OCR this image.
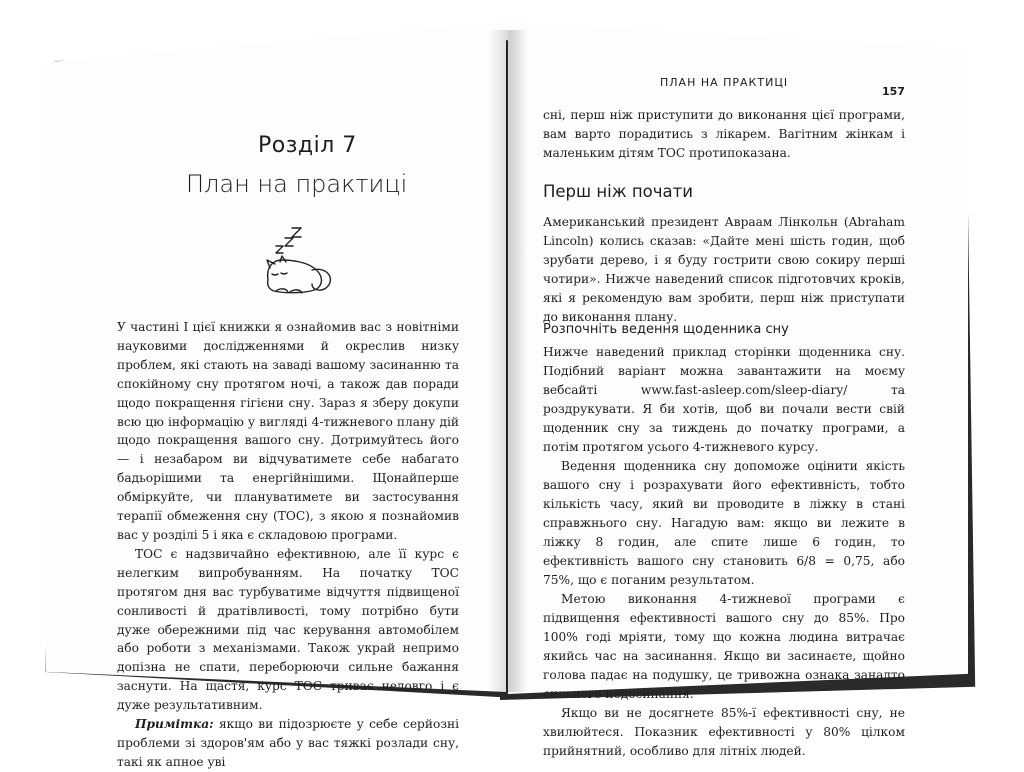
Розділ 7
План на практиці

У частині I цієї книжки я ознайомив вас з новітніми науковими дослідженнями й окреслив низку проблем, які стають на заваді вашому засинанню та спокійному сну протягом ночі, а також дав поради щодо покращення гігієни сну. Зараз я зберу докупи всю цю інформацію у вигляді 4-тижневого плану дій щодо покращення вашого сну. Дотримуйтесь його — і незабаром ви відчуватимете себе набагато бадьорішими та енергійнішими. Щонайперше обміркуйте, чи плануватимете ви застосування терапії обмеження сну (ТОС), з якою я познайомив вас у розділі 5 і яка є складовою програми.

ТОС є надзвичайно ефективною, але її курс є нелегким випробуванням. На початку ТОС протягом дня вас турбуватиме відчуття підвищеної сонливості й дратівливості, тому потрібно бути дуже обережними під час керування автомобілем або роботи з механізмами. Також украй непримо допізна не спати, переборюючи сильне бажання заснути. На щастя, курс ТОС триває недовго і є дуже результативним.

Примітка: якщо ви підозрюєте у себе серйозні проблеми зі здоров'ям або у вас тяжкі розлади сну, такі як апное уві

ПЛАН НА ПРАКТИЦІ
157

сні, перш ніж приступити до виконання цієї програми, вам варто порадитись з лікарем. Вагітним жінкам і маленьким дітям ТОС протипоказана.

Перш ніж почати

Американський президент Авраам Лінкольн (Abraham Lincoln) колись сказав: «Дайте мені шість годин, щоб зрубати дерево, і я буду гострити свою сокиру перші чотири». Нижче наведений список підготовчих кроків, які я рекомендую вам зробити, перш ніж приступати до виконання плану.

Розпочніть ведення щоденника сну

Нижче наведений приклад сторінки щоденника сну. Подібний варіант можна завантажити на моєму вебсайті www.fast-asleep.com/sleep-diary/ та роздрукувати. Я би хотів, щоб ви почали вести свій щоденник сну за тиждень до початку програми, а потім протягом усього 4-тижневого курсу.

Ведення щоденника сну допоможе оцінити якість вашого сну і розрахувати його ефективність, тобто кількість часу, який ви проводите в ліжку в стані справжнього сну. Нагадую вам: якщо ви лежите в ліжку 8 годин, але спите лише 6 годин, то ефективність вашого сну становить 6/8 = 0,75, або 75%, що є поганим результатом.

Метою виконання 4-тижневої програми є підвищення ефективності вашого сну до 85%. Про 100% годі мріяти, тому що кожна людина витрачає якийсь час на засинання. Якщо ви засинаєте, щойно голова падає на подушку, це тривожна ознака занадто сильного недосипання.

Якщо ви не досягнете 85%-ї ефективності сну, не хвилюйтеся. Показник ефективності у 80% цілком прийнятний, особливо для літніх людей.
